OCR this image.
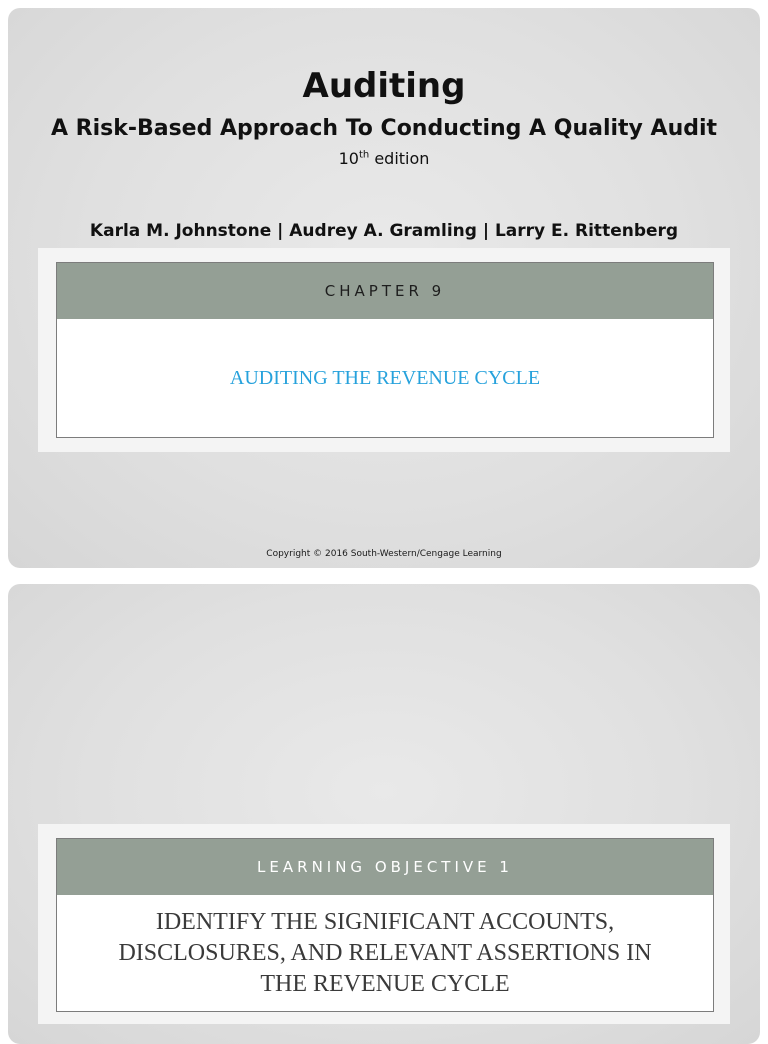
Auditing
A Risk-Based Approach To Conducting A Quality Audit
10th edition
Karla M. Johnstone | Audrey A. Gramling | Larry E. Rittenberg
CHAPTER 9
AUDITING THE REVENUE CYCLE
Copyright © 2016 South-Western/Cengage Learning
LEARNING OBJECTIVE 1
IDENTIFY THE SIGNIFICANT ACCOUNTS,
DISCLOSURES, AND RELEVANT ASSERTIONS IN
THE REVENUE CYCLE
